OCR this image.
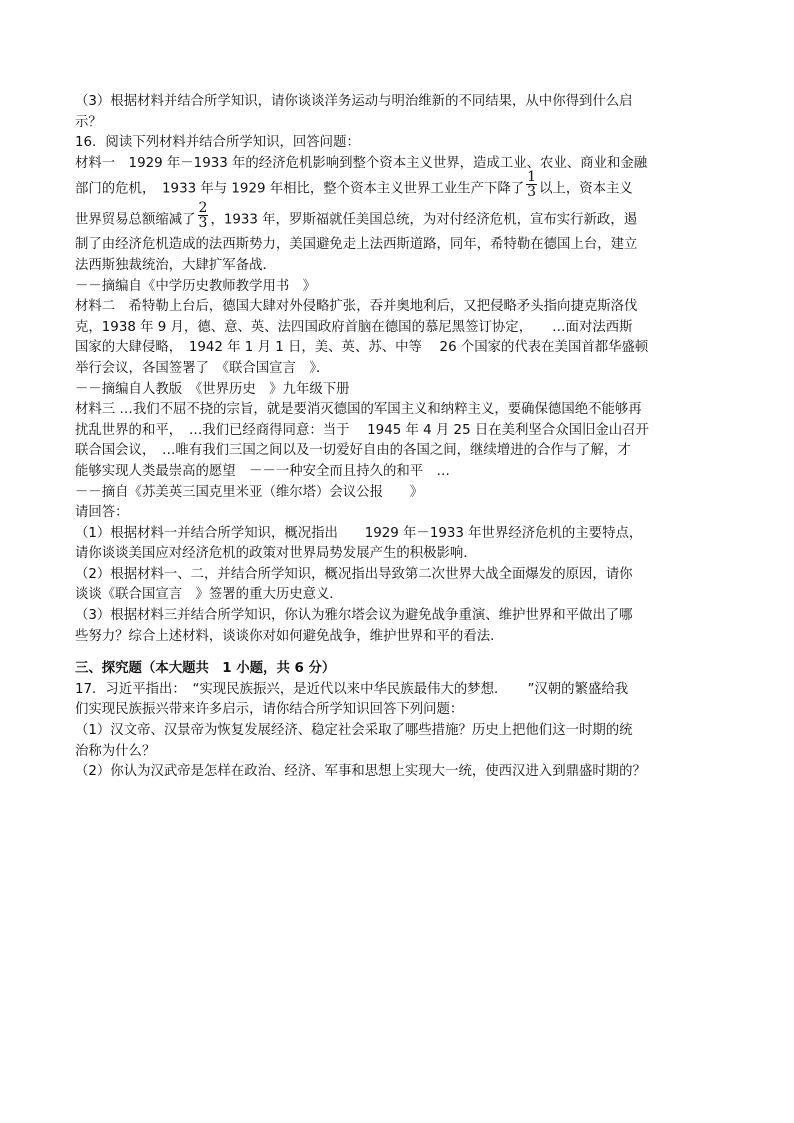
（3）根据材料并结合所学知识，请你谈谈洋务运动与明治维新的不同结果，从中你得到什么启
示？
16．阅读下列材料并结合所学知识，回答问题：
材料一　1929 年－1933 年的经济危机影响到整个资本主义世界，造成工业、农业、商业和金融
部门的危机，　1933 年与 1929 年相比，整个资本主义世界工业生产下降了 $\frac{1}{3}$ 以上，资本主义
世界贸易总额缩减了 $\frac{2}{3}$ ，1933 年，罗斯福就任美国总统，为对付经济危机，宣布实行新政，遏
制了由经济危机造成的法西斯势力，美国避免走上法西斯道路，同年，希特勒在德国上台，建立
法西斯独裁统治，大肆扩军备战．
－－摘编自《中学历史教师教学用书　》
材料二　希特勒上台后，德国大肆对外侵略扩张，吞并奥地利后，又把侵略矛头指向捷克斯洛伐
克，1938 年 9 月，德、意、英、法四国政府首脑在德国的慕尼黑签订协定，　　…面对法西斯
国家的大肆侵略，　1942 年 1 月 1 日，美、英、苏、中等　 26 个国家的代表在美国首都华盛顿
举行会议，各国签署了　《联合国宣言　》．
－－摘编自人教版　《世界历史　》九年级下册
材料三 …我们不屈不挠的宗旨，就是要消灭德国的军国主义和纳粹主义，要确保德国绝不能够再
扰乱世界的和平，　…我们已经商得同意：当于　 1945 年 4 月 25 日在美利坚合众国旧金山召开
联合国会议，　…唯有我们三国之间以及一切爱好自由的各国之间，继续增进的合作与了解，才
能够实现人类最崇高的愿望　－－一种安全而且持久的和平　…
－－摘自《苏美英三国克里米亚（维尔塔）会议公报　　》
请回答：
（1）根据材料一并结合所学知识，概况指出　　1929 年－1933 年世界经济危机的主要特点，
请你谈谈美国应对经济危机的政策对世界局势发展产生的积极影响．
（2）根据材料一、二，并结合所学知识，概况指出导致第二次世界大战全面爆发的原因，请你
谈谈《联合国宣言　》签署的重大历史意义．
（3）根据材料三并结合所学知识，你认为雅尔塔会议为避免战争重演、维护世界和平做出了哪
些努力？综合上述材料，谈谈你对如何避免战争，维护世界和平的看法．
三、探究题（本大题共　1 小题，共 6 分）
17．习近平指出：　“实现民族振兴，是近代以来中华民族最伟大的梦想．　　”汉朝的繁盛给我
们实现民族振兴带来许多启示，请你结合所学知识回答下列问题：
（1）汉文帝、汉景帝为恢复发展经济、稳定社会采取了哪些措施？历史上把他们这一时期的统
治称为什么？
（2）你认为汉武帝是怎样在政治、经济、军事和思想上实现大一统，使西汉进入到鼎盛时期的？
